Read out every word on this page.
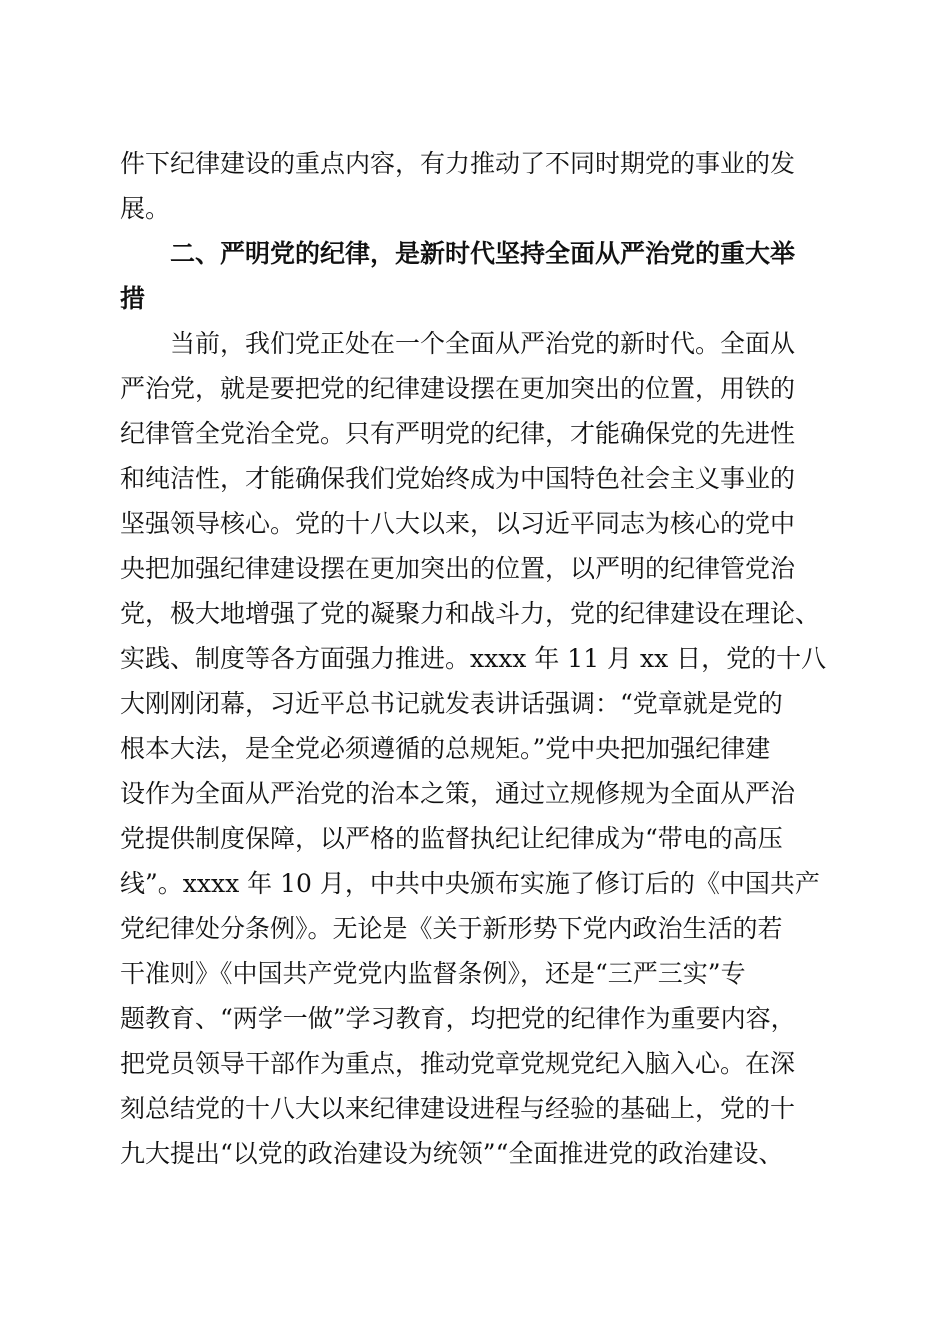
件下纪律建设的重点内容，有力推动了不同时期党的事业的发
展。
二、严明党的纪律，是新时代坚持全面从严治党的重大举
措
当前，我们党正处在一个全面从严治党的新时代。全面从
严治党，就是要把党的纪律建设摆在更加突出的位置，用铁的
纪律管全党治全党。只有严明党的纪律，才能确保党的先进性
和纯洁性，才能确保我们党始终成为中国特色社会主义事业的
坚强领导核心。党的十八大以来，以习近平同志为核心的党中
央把加强纪律建设摆在更加突出的位置，以严明的纪律管党治
党，极大地增强了党的凝聚力和战斗力，党的纪律建设在理论、
实践、制度等各方面强力推进。xxxx 年 11 月 xx 日，党的十八
大刚刚闭幕，习近平总书记就发表讲话强调：“党章就是党的
根本大法，是全党必须遵循的总规矩。”党中央把加强纪律建
设作为全面从严治党的治本之策，通过立规修规为全面从严治
党提供制度保障，以严格的监督执纪让纪律成为“带电的高压
线”。xxxx 年 10 月，中共中央颁布实施了修订后的《中国共产
党纪律处分条例》。无论是《关于新形势下党内政治生活的若
干准则》《中国共产党党内监督条例》，还是“三严三实”专
题教育、“两学一做”学习教育，均把党的纪律作为重要内容，
把党员领导干部作为重点，推动党章党规党纪入脑入心。在深
刻总结党的十八大以来纪律建设进程与经验的基础上，党的十
九大提出“以党的政治建设为统领”“全面推进党的政治建设、
